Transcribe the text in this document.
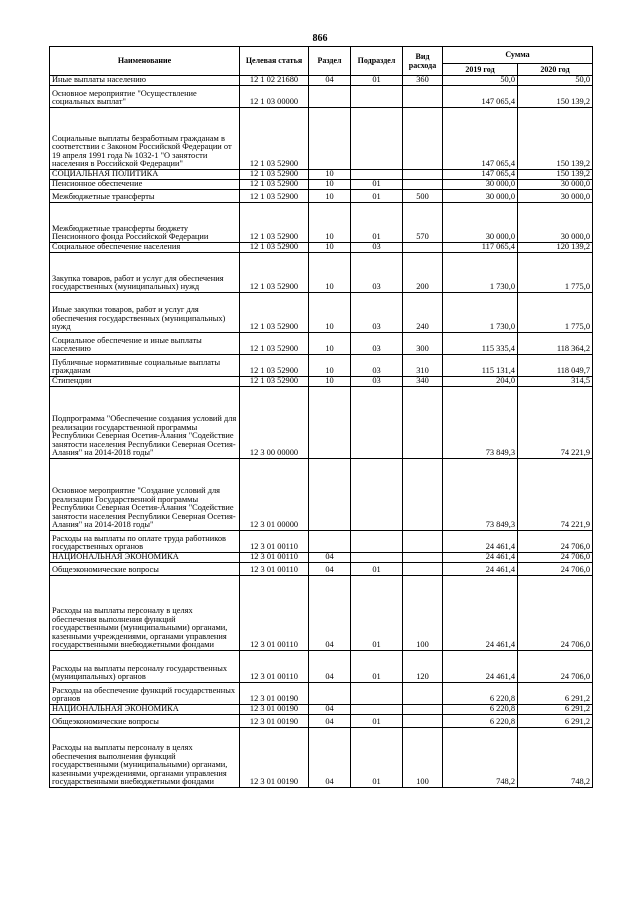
866
Наименование	Целевая статья	Раздел	Подраздел	Вид расхода	Сумма	
					2019 год	2020 год
Иные выплаты населению	12 1 02 21680	04	01	360	50,0	50,0
Основное мероприятие "Осуществление социальных выплат"	12 1 03 00000				147 065,4	150 139,2
Социальные выплаты безработным гражданам в соответствии с Законом Российской Федерации от 19 апреля 1991 года № 1032-1 "О занятости населения в Российской Федерации"	12 1 03 52900				147 065,4	150 139,2
СОЦИАЛЬНАЯ ПОЛИТИКА	12 1 03 52900	10			147 065,4	150 139,2
Пенсионное обеспечение	12 1 03 52900	10	01		30 000,0	30 000,0
Межбюджетные трансферты	12 1 03 52900	10	01	500	30 000,0	30 000,0
Межбюджетные трансферты бюджету Пенсионного фонда Российской Федерации	12 1 03 52900	10	01	570	30 000,0	30 000,0
Социальное обеспечение населения	12 1 03 52900	10	03		117 065,4	120 139,2
Закупка товаров, работ и услуг для обеспечения государственных (муниципальных) нужд	12 1 03 52900	10	03	200	1 730,0	1 775,0
Иные закупки товаров, работ и услуг для обеспечения государственных (муниципальных) нужд	12 1 03 52900	10	03	240	1 730,0	1 775,0
Социальное обеспечение и иные выплаты населению	12 1 03 52900	10	03	300	115 335,4	118 364,2
Публичные нормативные социальные выплаты гражданам	12 1 03 52900	10	03	310	115 131,4	118 049,7
Стипендии	12 1 03 52900	10	03	340	204,0	314,5
Подпрограмма "Обеспечение создания условий для реализации государственной программы Республики Северная Осетия-Алания "Содействие занятости населения Республики Северная Осетия-Алания" на 2014-2018 годы"	12 3 00 00000				73 849,3	74 221,9
Основное мероприятие "Создание условий для реализации Государственной программы Республики Северная Осетия-Алания "Содействие занятости населения Республики Северная Осетия-Алания" на 2014-2018 годы"	12 3 01 00000				73 849,3	74 221,9
Расходы на выплаты по оплате труда работников государственных органов	12 3 01 00110				24 461,4	24 706,0
НАЦИОНАЛЬНАЯ ЭКОНОМИКА	12 3 01 00110	04			24 461,4	24 706,0
Общеэкономические вопросы	12 3 01 00110	04	01		24 461,4	24 706,0
Расходы на выплаты персоналу в целях обеспечения выполнения функций государственными (муниципальными) органами, казенными учреждениями, органами управления государственными внебюджетными фондами	12 3 01 00110	04	01	100	24 461,4	24 706,0
Расходы на выплаты персоналу государственных (муниципальных) органов	12 3 01 00110	04	01	120	24 461,4	24 706,0
Расходы на обеспечение функций государственных органов	12 3 01 00190				6 220,8	6 291,2
НАЦИОНАЛЬНАЯ ЭКОНОМИКА	12 3 01 00190	04			6 220,8	6 291,2
Общеэкономические вопросы	12 3 01 00190	04	01		6 220,8	6 291,2
Расходы на выплаты персоналу в целях обеспечения выполнения функций государственными (муниципальными) органами, казенными учреждениями, органами управления государственными внебюджетными фондами	12 3 01 00190	04	01	100	748,2	748,2
